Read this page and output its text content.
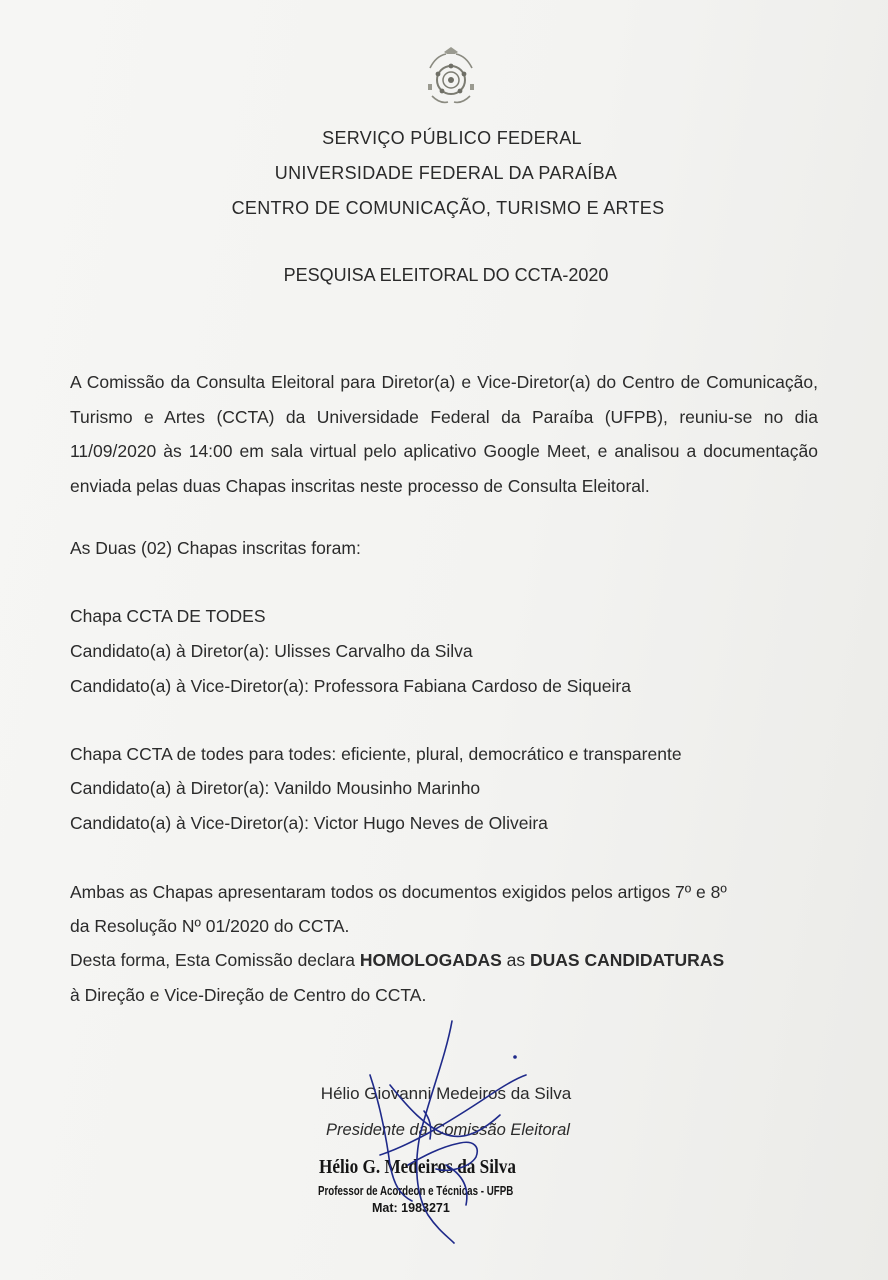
SERVIÇO PÚBLICO FEDERAL
UNIVERSIDADE FEDERAL DA PARAÍBA
CENTRO DE COMUNICAÇÃO, TURISMO E ARTES
PESQUISA ELEITORAL DO CCTA-2020
A Comissão da Consulta Eleitoral para Diretor(a) e Vice-Diretor(a) do Centro de Comunicação, Turismo e Artes (CCTA) da Universidade Federal da Paraíba (UFPB), reuniu-se no dia 11/09/2020 às 14:00 em sala virtual pelo aplicativo Google Meet, e analisou a documentação enviada pelas duas Chapas inscritas neste processo de Consulta Eleitoral.
As Duas (02) Chapas inscritas foram:
Chapa CCTA DE TODES
Candidato(a) à Diretor(a): Ulisses Carvalho da Silva
Candidato(a) à Vice-Diretor(a): Professora Fabiana Cardoso de Siqueira
Chapa CCTA de todes para todes: eficiente, plural, democrático e transparente
Candidato(a) à Diretor(a): Vanildo Mousinho Marinho
Candidato(a) à Vice-Diretor(a): Victor Hugo Neves de Oliveira
Ambas as Chapas apresentaram todos os documentos exigidos pelos artigos 7º e 8º
da Resolução Nº 01/2020 do CCTA.
Desta forma, Esta Comissão declara HOMOLOGADAS as DUAS CANDIDATURAS
à Direção e Vice-Direção de Centro do CCTA.
Hélio Giovanni Medeiros da Silva
Presidente da Comissão Eleitoral
Hélio G. Medeiros da Silva
Professor de Acordeon e Técnicas - UFPB
Mat: 1983271
